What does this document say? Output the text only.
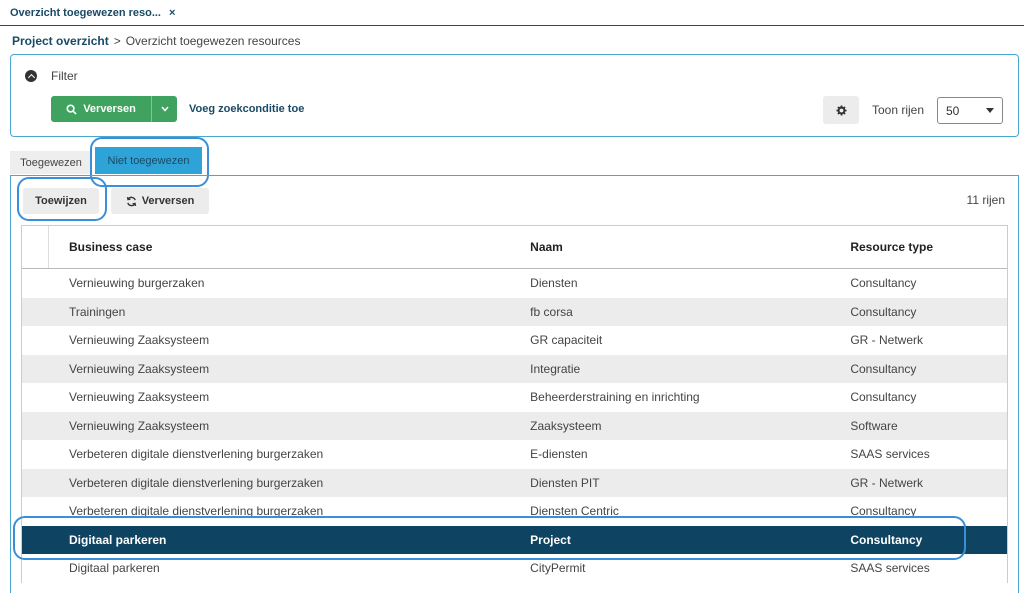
Overzicht toegewezen reso... ×
Project overzicht > Overzicht toegewezen resources
Filter
Verversen	Voeg zoekconditie toe	Toon rijen 50
Toegewezen	Niet toegewezen
Toewijzen	Verversen	11 rijen
Business case	Naam	Resource type
Vernieuwing burgerzaken	Diensten	Consultancy
Trainingen	fb corsa	Consultancy
Vernieuwing Zaaksysteem	GR capaciteit	GR - Netwerk
Vernieuwing Zaaksysteem	Integratie	Consultancy
Vernieuwing Zaaksysteem	Beheerderstraining en inrichting	Consultancy
Vernieuwing Zaaksysteem	Zaaksysteem	Software
Verbeteren digitale dienstverlening burgerzaken	E-diensten	SAAS services
Verbeteren digitale dienstverlening burgerzaken	Diensten PIT	GR - Netwerk
Verbeteren digitale dienstverlening burgerzaken	Diensten Centric	Consultancy
Digitaal parkeren	Project	Consultancy
Digitaal parkeren	CityPermit	SAAS services
